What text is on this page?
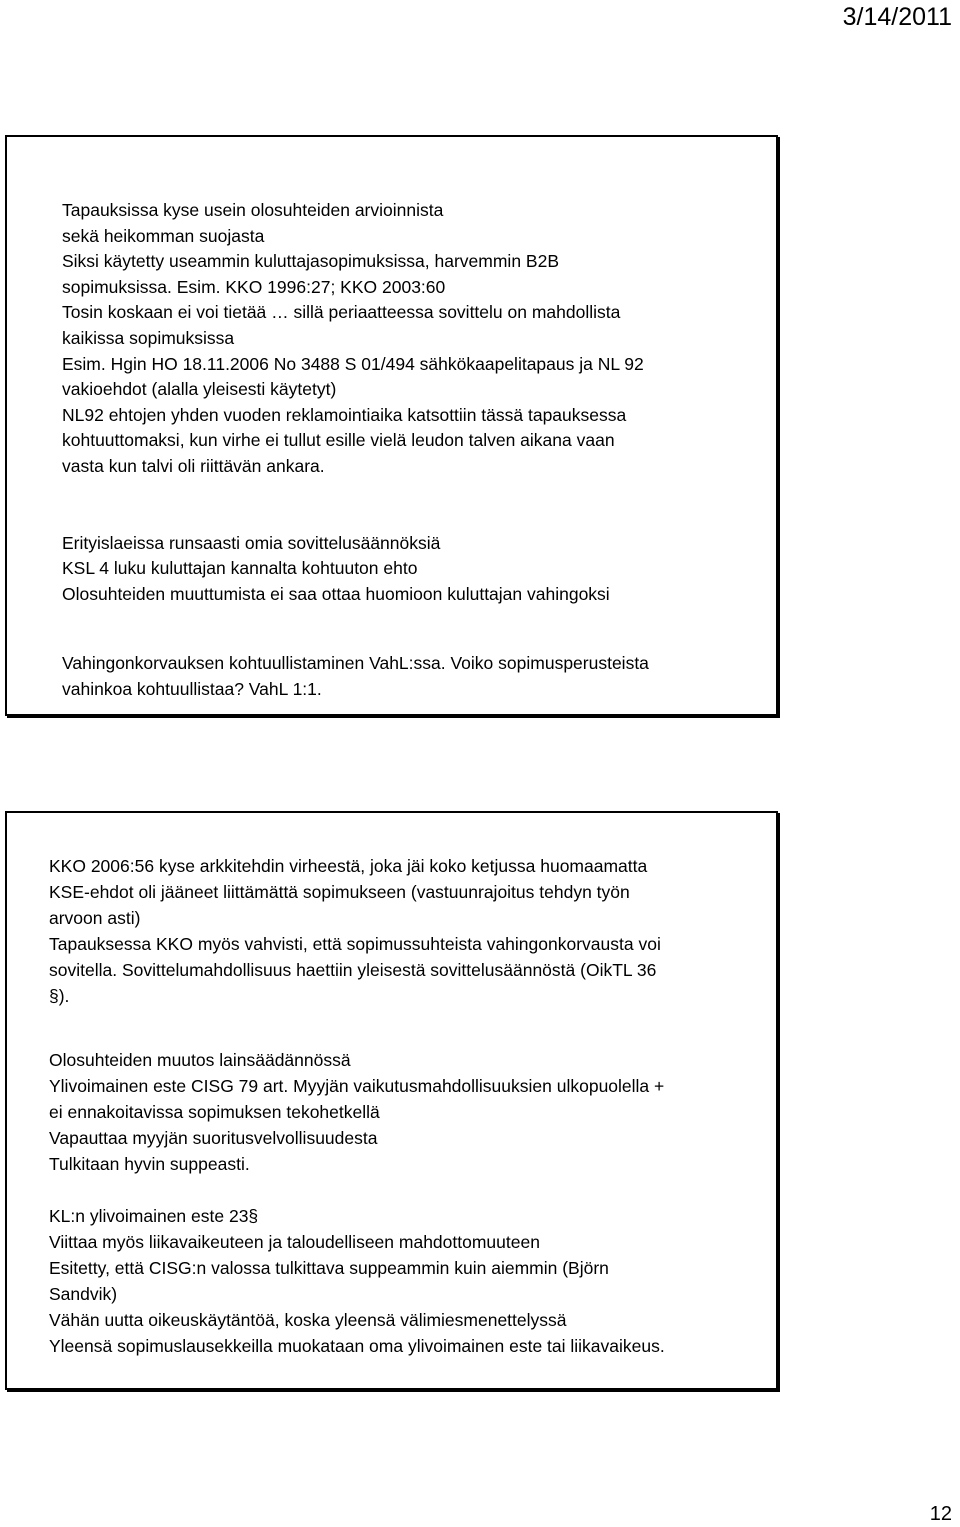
3/14/2011
Tapauksissa kyse usein olosuhteiden arvioinnista
sekä heikomman suojasta
Siksi käytetty useammin kuluttajasopimuksissa, harvemmin B2B
sopimuksissa. Esim. KKO 1996:27; KKO 2003:60
Tosin koskaan ei voi tietää … sillä periaatteessa sovittelu on mahdollista
kaikissa sopimuksissa
Esim. Hgin HO 18.11.2006 No 3488 S 01/494 sähkökaapelitapaus ja NL 92
vakioehdot (alalla yleisesti käytetyt)
NL92 ehtojen yhden vuoden reklamointiaika katsottiin tässä tapauksessa
kohtuuttomaksi, kun virhe ei tullut esille vielä leudon talven aikana vaan
vasta kun talvi oli riittävän ankara.
Erityislaeissa runsaasti omia sovittelusäännöksiä
KSL 4 luku kuluttajan kannalta kohtuuton ehto
Olosuhteiden muuttumista ei saa ottaa huomioon kuluttajan vahingoksi
Vahingonkorvauksen kohtuullistaminen VahL:ssa. Voiko sopimusperusteista
vahinkoa kohtuullistaa? VahL 1:1.
KKO 2006:56 kyse arkkitehdin virheestä, joka jäi koko ketjussa huomaamatta
KSE-ehdot oli jääneet liittämättä sopimukseen (vastuunrajoitus tehdyn työn
arvoon asti)
Tapauksessa KKO myös vahvisti, että sopimussuhteista vahingonkorvausta voi
sovitella. Sovittelumahdollisuus haettiin yleisestä sovittelusäännöstä (OikTL 36
§).
Olosuhteiden muutos lainsäädännössä
Ylivoimainen este CISG 79 art. Myyjän vaikutusmahdollisuuksien ulkopuolella +
ei ennakoitavissa sopimuksen tekohetkellä
Vapauttaa myyjän suoritusvelvollisuudesta
Tulkitaan hyvin suppeasti.
KL:n ylivoimainen este 23§
Viittaa myös liikavaikeuteen ja taloudelliseen mahdottomuuteen
Esitetty, että CISG:n valossa tulkittava suppeammin kuin aiemmin (Björn
Sandvik)
Vähän uutta oikeuskäytäntöä, koska yleensä välimiesmenettelyssä
Yleensä sopimuslausekkeilla muokataan oma ylivoimainen este tai liikavaikeus.
12
